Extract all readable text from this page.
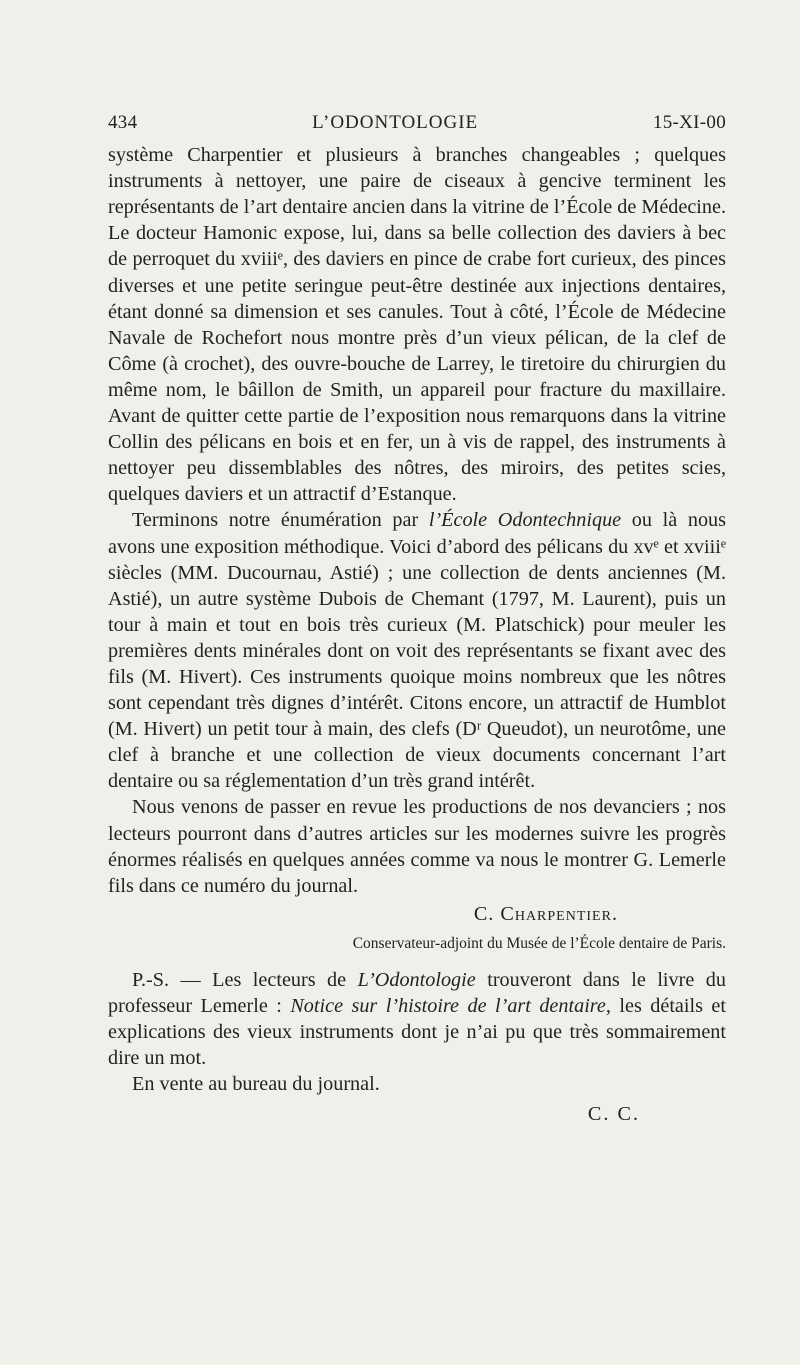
434	L’ODONTOLOGIE	15-XI-00

système Charpentier et plusieurs à branches changeables ; quelques instruments à nettoyer, une paire de ciseaux à gencive terminent les représentants de l’art dentaire ancien dans la vitrine de l’École de Médecine. Le docteur Hamonic expose, lui, dans sa belle collection des daviers à bec de perroquet du xviiiᵉ, des daviers en pince de crabe fort curieux, des pinces diverses et une petite seringue peut-être destinée aux injections dentaires, étant donné sa dimension et ses canules. Tout à côté, l’École de Médecine Navale de Rochefort nous montre près d’un vieux pélican, de la clef de Côme (à crochet), des ouvre-bouche de Larrey, le tiretoire du chirurgien du même nom, le bâillon de Smith, un appareil pour fracture du maxillaire. Avant de quitter cette partie de l’exposition nous remarquons dans la vitrine Collin des pélicans en bois et en fer, un à vis de rappel, des instruments à nettoyer peu dissemblables des nôtres, des miroirs, des petites scies, quelques daviers et un attractif d’Estanque.

Terminons notre énumération par l’École Odontechnique ou là nous avons une exposition méthodique. Voici d’abord des pélicans du xvᵉ et xviiiᵉ siècles (MM. Ducournau, Astié) ; une collection de dents anciennes (M. Astié), un autre système Dubois de Chemant (1797, M. Laurent), puis un tour à main et tout en bois très curieux (M. Platschick) pour meuler les premières dents minérales dont on voit des représentants se fixant avec des fils (M. Hivert). Ces instruments quoique moins nombreux que les nôtres sont cependant très dignes d’intérêt. Citons encore, un attractif de Humblot (M. Hivert) un petit tour à main, des clefs (Dʳ Queudot), un neurotôme, une clef à branche et une collection de vieux documents concernant l’art dentaire ou sa réglementation d’un très grand intérêt.

Nous venons de passer en revue les productions de nos devanciers ; nos lecteurs pourront dans d’autres articles sur les modernes suivre les progrès énormes réalisés en quelques années comme va nous le montrer G. Lemerle fils dans ce numéro du journal.

C. Charpentier.
Conservateur-adjoint du Musée de l’École dentaire de Paris.

P.-S. — Les lecteurs de L’Odontologie trouveront dans le livre du professeur Lemerle : Notice sur l’histoire de l’art dentaire, les détails et explications des vieux instruments dont je n’ai pu que très sommairement dire un mot.

En vente au bureau du journal.

C. C.
